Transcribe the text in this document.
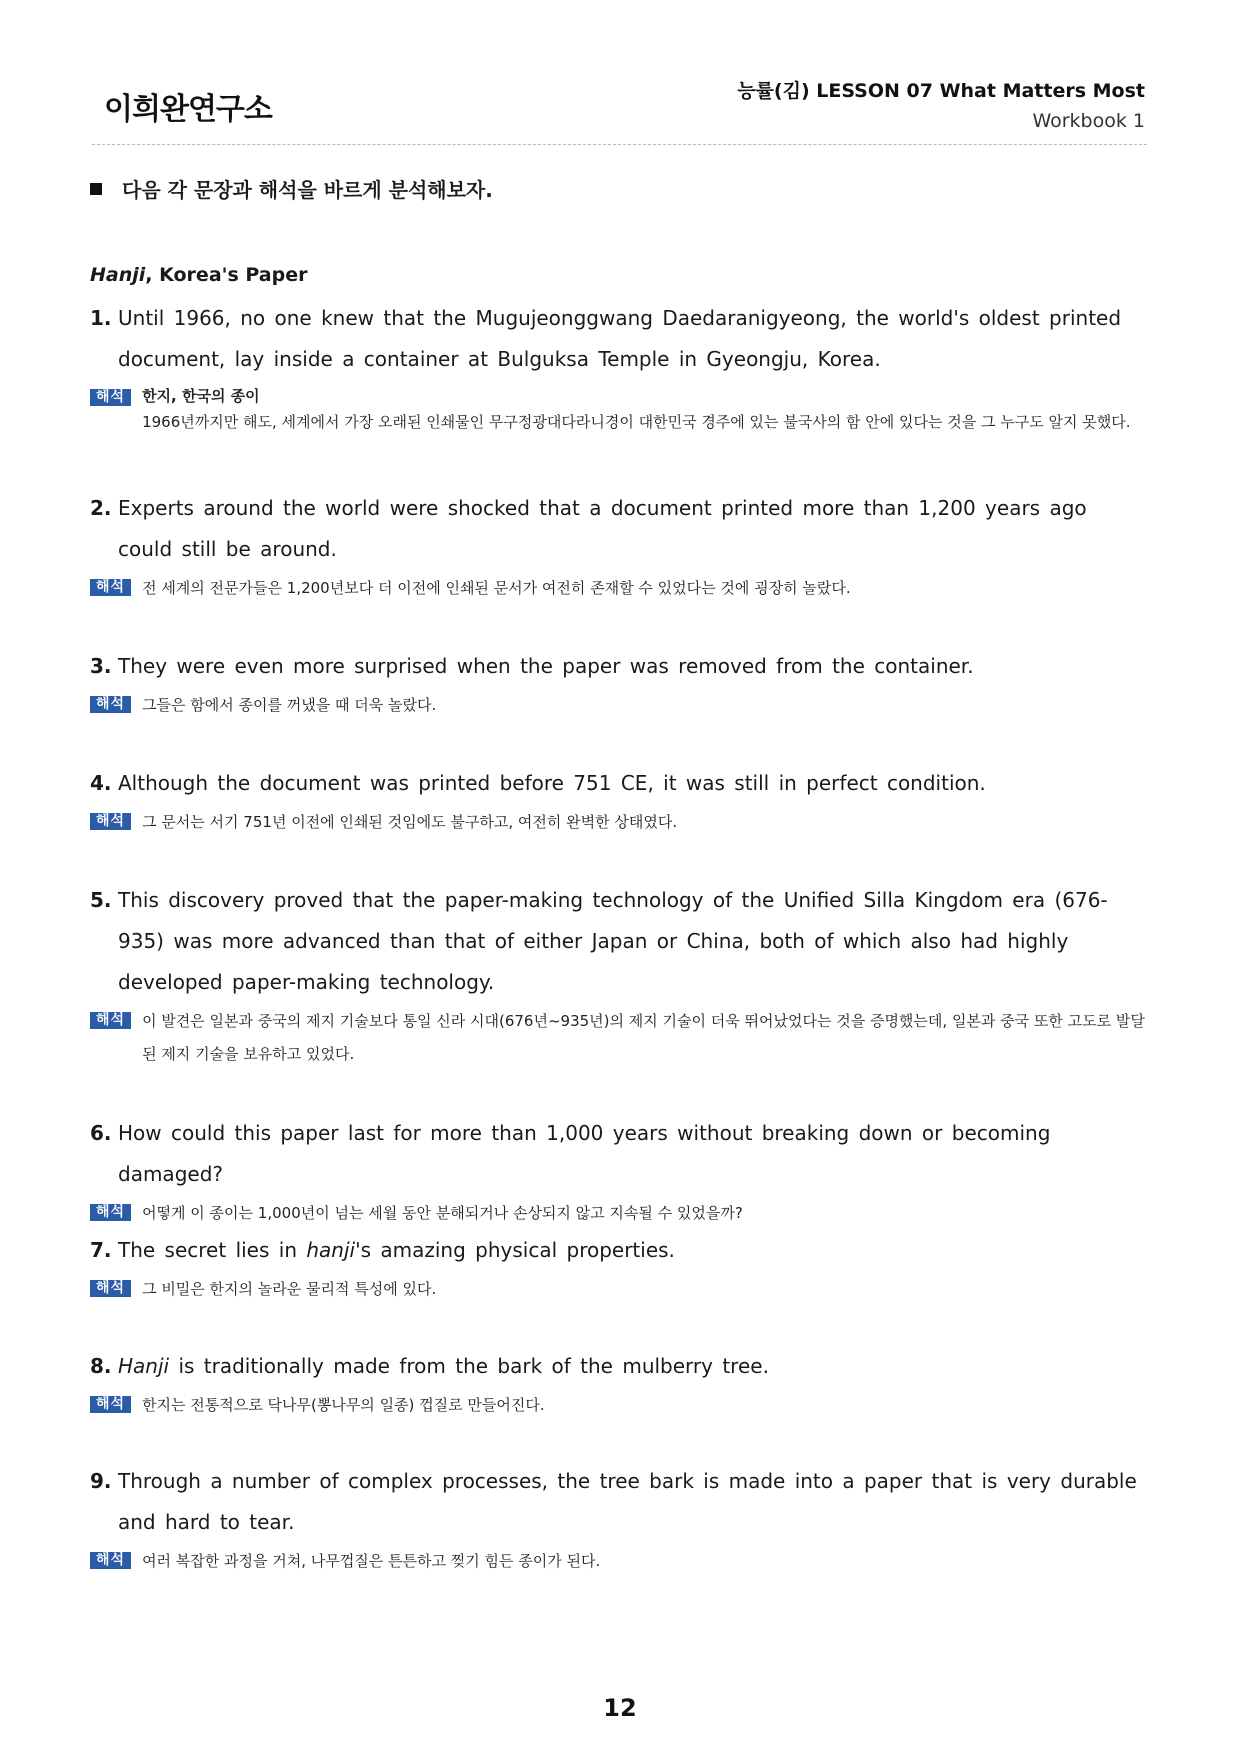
이희완연구소
능률(김) LESSON 07 What Matters Most
Workbook 1
다음 각 문장과 해석을 바르게 분석해보자.
Hanji, Korea's Paper
1. Until 1966, no one knew that the Mugujeonggwang Daedaranigyeong, the world's oldest printed document, lay inside a container at Bulguksa Temple in Gyeongju, Korea.
해석	한지, 한국의 종이
1966년까지만 해도, 세계에서 가장 오래된 인쇄물인 무구정광대다라니경이 대한민국 경주에 있는 불국사의 함 안에 있다는 것을 그 누구도 알지 못했다.
2. Experts around the world were shocked that a document printed more than 1,200 years ago could still be around.
해석	전 세계의 전문가들은 1,200년보다 더 이전에 인쇄된 문서가 여전히 존재할 수 있었다는 것에 굉장히 놀랐다.
3. They were even more surprised when the paper was removed from the container.
해석	그들은 함에서 종이를 꺼냈을 때 더욱 놀랐다.
4. Although the document was printed before 751 CE, it was still in perfect condition.
해석	그 문서는 서기 751년 이전에 인쇄된 것임에도 불구하고, 여전히 완벽한 상태였다.
5. This discovery proved that the paper-making technology of the Unified Silla Kingdom era (676-935) was more advanced than that of either Japan or China, both of which also had highly developed paper-making technology.
해석	이 발견은 일본과 중국의 제지 기술보다 통일 신라 시대(676년~935년)의 제지 기술이 더욱 뛰어났었다는 것을 증명했는데, 일본과 중국 또한 고도로 발달된 제지 기술을 보유하고 있었다.
6. How could this paper last for more than 1,000 years without breaking down or becoming damaged?
해석	어떻게 이 종이는 1,000년이 넘는 세월 동안 분해되거나 손상되지 않고 지속될 수 있었을까?
7. The secret lies in hanji's amazing physical properties.
해석	그 비밀은 한지의 놀라운 물리적 특성에 있다.
8. Hanji is traditionally made from the bark of the mulberry tree.
해석	한지는 전통적으로 닥나무(뽕나무의 일종) 껍질로 만들어진다.
9. Through a number of complex processes, the tree bark is made into a paper that is very durable and hard to tear.
해석	여러 복잡한 과정을 거쳐, 나무껍질은 튼튼하고 찢기 힘든 종이가 된다.
12
